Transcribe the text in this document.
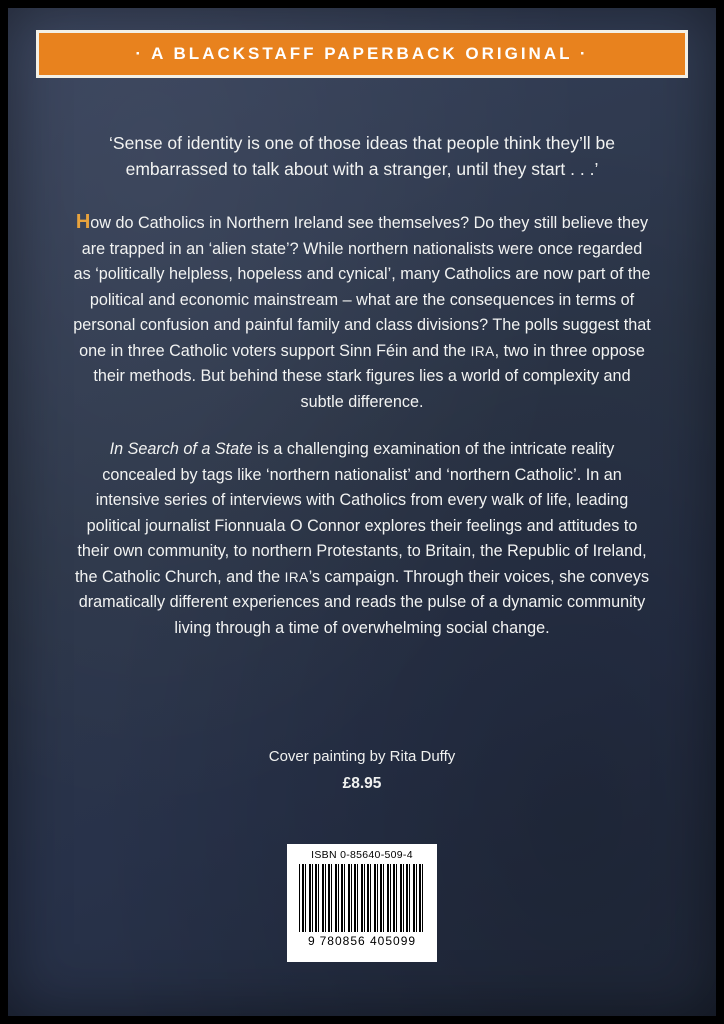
· A BLACKSTAFF PAPERBACK ORIGINAL ·

‘Sense of identity is one of those ideas that people think they’ll be embarrassed to talk about with a stranger, until they start . . .’

How do Catholics in Northern Ireland see themselves? Do they still believe they are trapped in an ‘alien state’? While northern nationalists were once regarded as ‘politically helpless, hopeless and cynical’, many Catholics are now part of the political and economic mainstream – what are the consequences in terms of personal confusion and painful family and class divisions? The polls suggest that one in three Catholic voters support Sinn Féin and the IRA, two in three oppose their methods. But behind these stark figures lies a world of complexity and subtle difference.

In Search of a State is a challenging examination of the intricate reality concealed by tags like ‘northern nationalist’ and ‘northern Catholic’. In an intensive series of interviews with Catholics from every walk of life, leading political journalist Fionnuala O Connor explores their feelings and attitudes to their own community, to northern Protestants, to Britain, the Republic of Ireland, the Catholic Church, and the IRA’s campaign. Through their voices, she conveys dramatically different experiences and reads the pulse of a dynamic community living through a time of overwhelming social change.

Cover painting by Rita Duffy
£8.95
ISBN 0-85640-509-4
9 780856 405099
